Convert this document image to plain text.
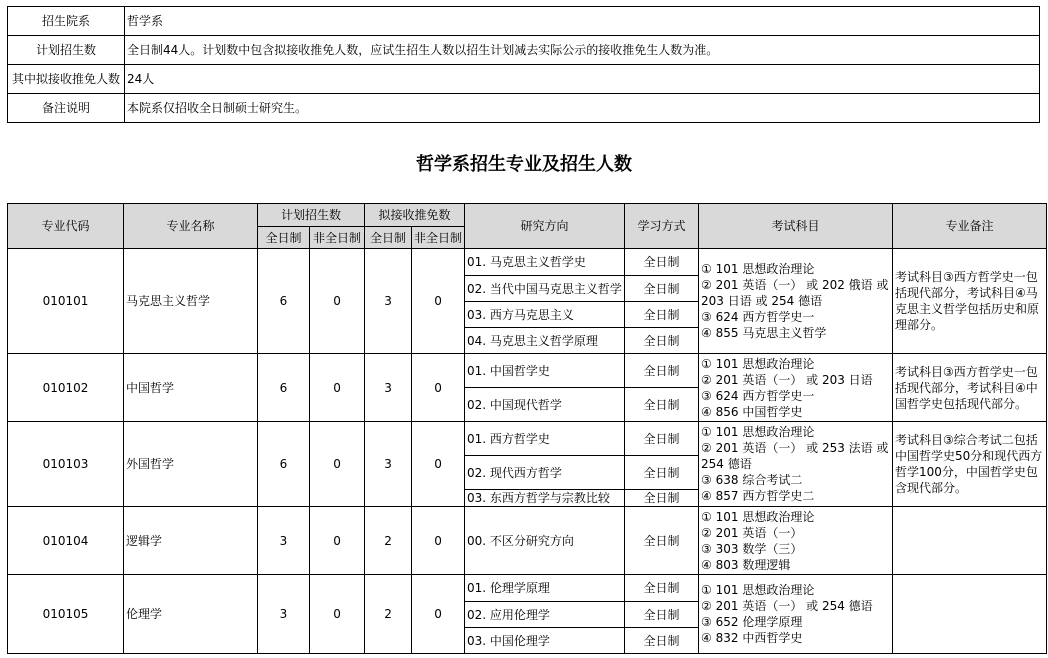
招生院系	哲学系
计划招生数	全日制44人。计划数中包含拟接收推免人数，应试生招生人数以招生计划减去实际公示的接收推免生人数为准。
其中拟接收推免人数	24人
备注说明	本院系仅招收全日制硕士研究生。
哲学系招生专业及招生人数
专业代码	专业名称	计划招生数		拟接收推免数		研究方向	学习方式	考试科目	专业备注
		全日制	非全日制	全日制	非全日制				
010101	马克思主义哲学	6	0	3	0	01. 马克思主义哲学史	全日制	① 101 思想政治理论
② 201 英语（一） 或 202 俄语 或
203 日语 或 254 德语
③ 624 西方哲学史一
④ 855 马克思主义哲学	考试科目③西方哲学史一包括现代部分，考试科目④马克思主义哲学包括历史和原理部分。
						02. 当代中国马克思主义哲学	全日制		
						03. 西方马克思主义	全日制		
						04. 马克思主义哲学原理	全日制		
010102	中国哲学	6	0	3	0	01. 中国哲学史	全日制	① 101 思想政治理论
② 201 英语（一） 或 203 日语
③ 624 西方哲学史一
④ 856 中国哲学史	考试科目③西方哲学史一包括现代部分，考试科目④中国哲学史包括现代部分。
						02. 中国现代哲学	全日制		
010103	外国哲学	6	0	3	0	01. 西方哲学史	全日制	① 101 思想政治理论
② 201 英语（一） 或 253 法语 或
254 德语
③ 638 综合考试二
④ 857 西方哲学史二	考试科目③综合考试二包括中国哲学史50分和现代西方哲学100分，中国哲学史包含现代部分。
						02. 现代西方哲学	全日制		
						03. 东西方哲学与宗教比较	全日制		
010104	逻辑学	3	0	2	0	00. 不区分研究方向	全日制	① 101 思想政治理论
② 201 英语（一）
③ 303 数学（三）
④ 803 数理逻辑	

010105	伦理学	3	0	2	0	01. 伦理学原理	全日制	① 101 思想政治理论
② 201 英语（一） 或 254 德语
③ 652 伦理学原理
④ 832 中西哲学史	

						02. 应用伦理学	全日制		
						03. 中国伦理学	全日制		
